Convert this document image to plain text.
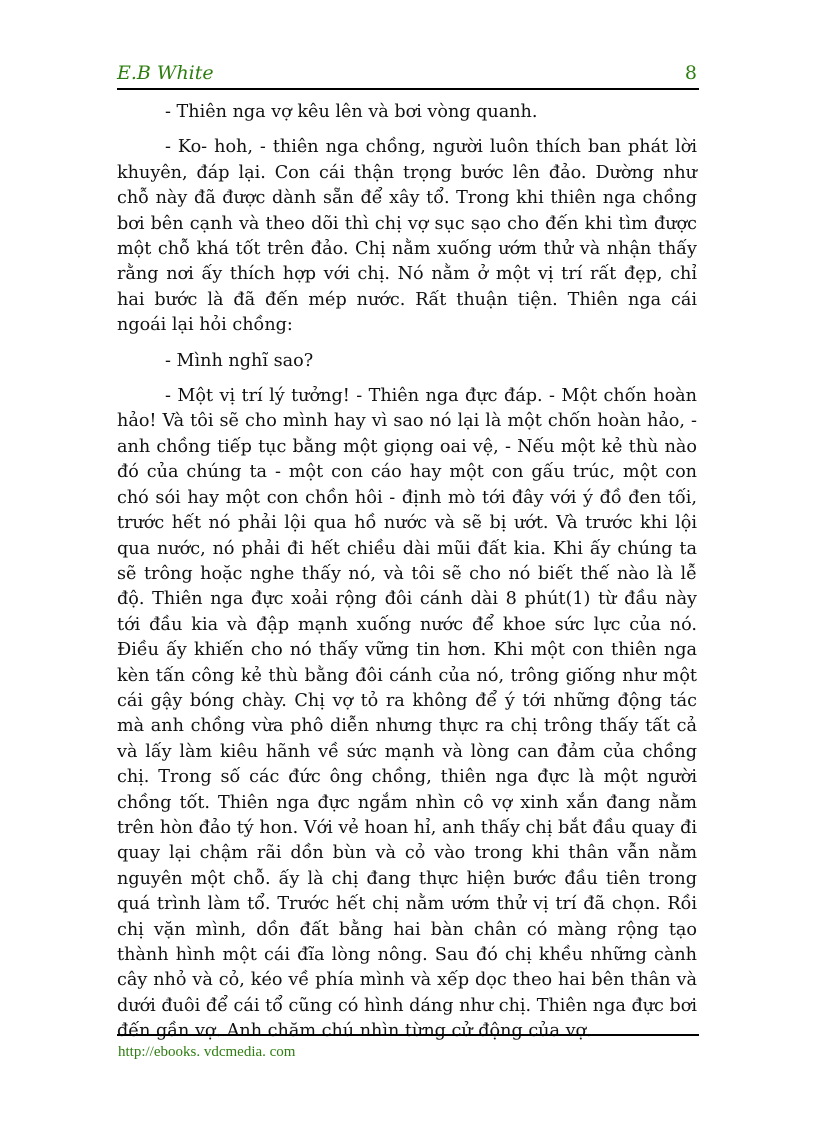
E.B White	8

- Thiên nga vợ kêu lên và bơi vòng quanh.

- Ko- hoh, - thiên nga chồng, người luôn thích ban phát lời khuyên, đáp lại. Con cái thận trọng bước lên đảo. Dường như chỗ này đã được dành sẵn để xây tổ. Trong khi thiên nga chồng bơi bên cạnh và theo dõi thì chị vợ sục sạo cho đến khi tìm được một chỗ khá tốt trên đảo. Chị nằm xuống ướm thử và nhận thấy rằng nơi ấy thích hợp với chị. Nó nằm ở một vị trí rất đẹp, chỉ hai bước là đã đến mép nước. Rất thuận tiện. Thiên nga cái ngoái lại hỏi chồng:

- Mình nghĩ sao?

- Một vị trí lý tưởng! - Thiên nga đực đáp. - Một chốn hoàn hảo! Và tôi sẽ cho mình hay vì sao nó lại là một chốn hoàn hảo, - anh chồng tiếp tục bằng một giọng oai vệ, - Nếu một kẻ thù nào đó của chúng ta - một con cáo hay một con gấu trúc, một con chó sói hay một con chồn hôi - định mò tới đây với ý đồ đen tối, trước hết nó phải lội qua hồ nước và sẽ bị ướt. Và trước khi lội qua nước, nó phải đi hết chiều dài mũi đất kia. Khi ấy chúng ta sẽ trông hoặc nghe thấy nó, và tôi sẽ cho nó biết thế nào là lễ độ. Thiên nga đực xoải rộng đôi cánh dài 8 phút(1) từ đầu này tới đầu kia và đập mạnh xuống nước để khoe sức lực của nó. Điều ấy khiến cho nó thấy vững tin hơn. Khi một con thiên nga kèn tấn công kẻ thù bằng đôi cánh của nó, trông giống như một cái gậy bóng chày. Chị vợ tỏ ra không để ý tới những động tác mà anh chồng vừa phô diễn nhưng thực ra chị trông thấy tất cả và lấy làm kiêu hãnh về sức mạnh và lòng can đảm của chồng chị. Trong số các đức ông chồng, thiên nga đực là một người chồng tốt. Thiên nga đực ngắm nhìn cô vợ xinh xắn đang nằm trên hòn đảo tý hon. Với vẻ hoan hỉ, anh thấy chị bắt đầu quay đi quay lại chậm rãi dồn bùn và cỏ vào trong khi thân vẫn nằm nguyên một chỗ. ấy là chị đang thực hiện bước đầu tiên trong quá trình làm tổ. Trước hết chị nằm ướm thử vị trí đã chọn. Rồi chị vặn mình, dồn đất bằng hai bàn chân có màng rộng tạo thành hình một cái đĩa lòng nông. Sau đó chị khều những cành cây nhỏ và cỏ, kéo về phía mình và xếp dọc theo hai bên thân và dưới đuôi để cái tổ cũng có hình dáng như chị. Thiên nga đực bơi đến gần vợ. Anh chăm chú nhìn từng cử động của vợ.

http://ebooks. vdcmedia. com
